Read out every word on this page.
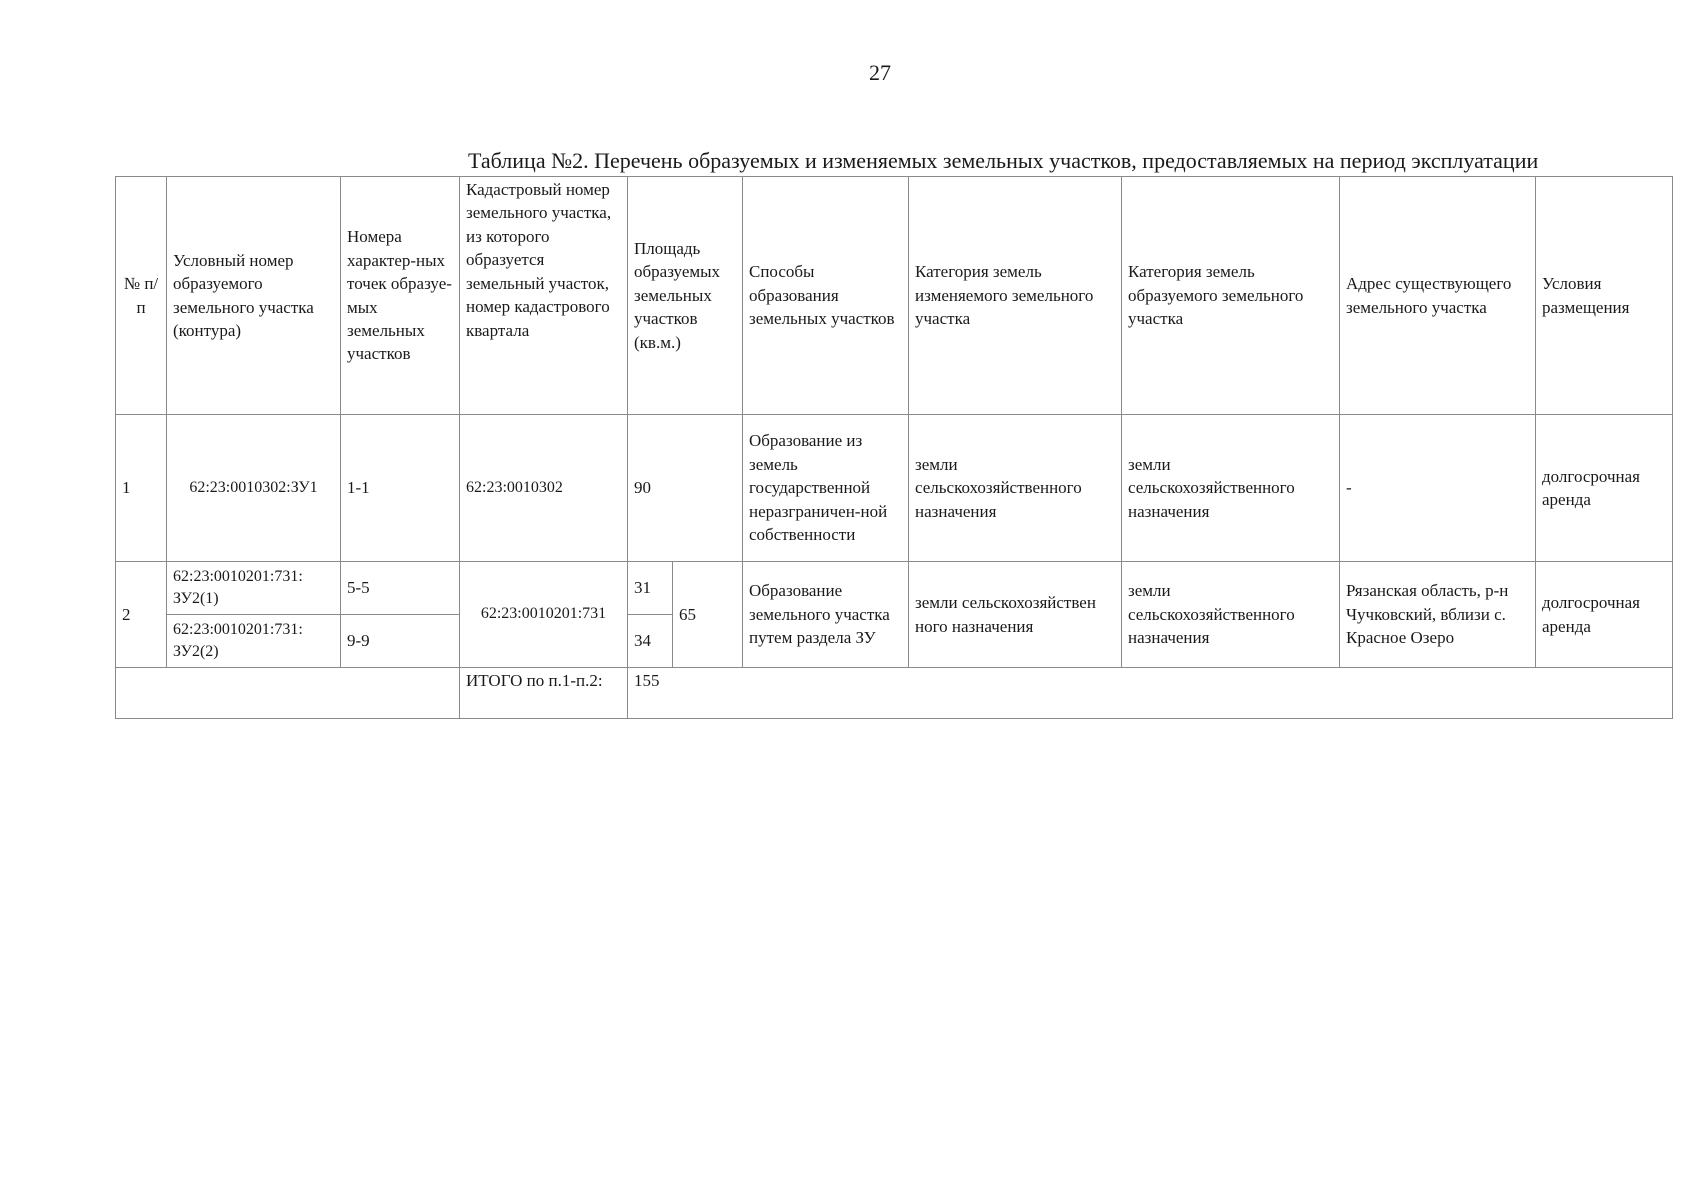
27
Таблица №2. Перечень образуемых и изменяемых земельных участков, предоставляемых на период эксплуатации
№ п/п	Условный номер образуемого земельного участка (контура)	Номера характер-ных точек образуе-мых земельных участков	Кадастровый номер земельного участка, из которого образуется земельный участок, номер кадастрового квартала	Площадь образуемых земельных участков (кв.м.)		Способы образования земельных участков	Категория земель изменяемого земельного участка	Категория земель образуемого земельного участка	Адрес существующего земельного участка	Условия размещения
1	62:23:0010302:ЗУ1	1-1	62:23:0010302	90		Образование из земель государственной неразграничен-ной собственности	земли сельскохозяйственного назначения	земли сельскохозяйственного назначения	-	долгосрочная аренда
2	62:23:0010201:731: ЗУ2(1)	5-5	62:23:0010201:731	31	65	Образование земельного участка путем раздела ЗУ	земли сельскохозяйствен ного назначения	земли сельскохозяйственного назначения	Рязанская область, р-н Чучковский, вблизи с. Красное Озеро	долгосрочная аренда
	62:23:0010201:731: ЗУ2(2)	9-9		34						
			ИТОГО по п.1-п.2:	155						
